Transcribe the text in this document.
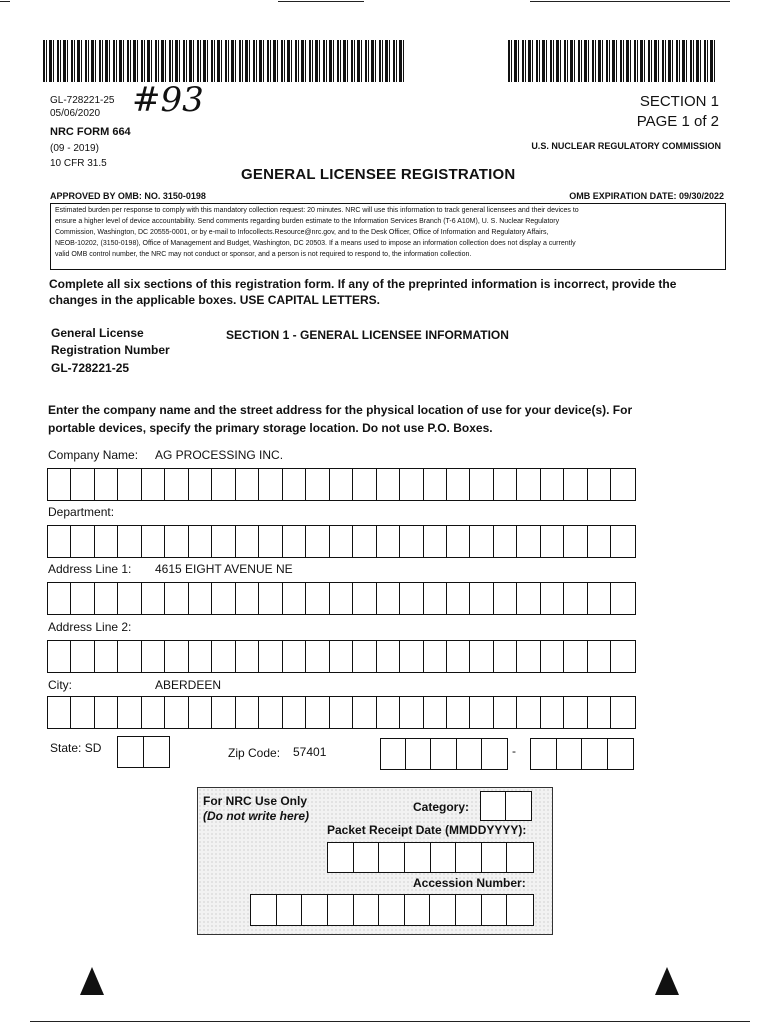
GL-728221-25
05/06/2020 #93
NRC FORM 664
(09 - 2019)
10 CFR 31.5
SECTION 1
PAGE 1 of 2
U.S. NUCLEAR REGULATORY COMMISSION
GENERAL LICENSEE REGISTRATION
APPROVED BY OMB: NO. 3150-0198	OMB EXPIRATION DATE: 09/30/2022
Estimated burden per response to comply with this mandatory collection request: 20 minutes. NRC will use this information to track general licensees and their devices to
ensure a higher level of device accountability. Send comments regarding burden estimate to the Information Services Branch (T-6 A10M), U. S. Nuclear Regulatory
Commission, Washington, DC 20555-0001, or by e-mail to Infocollects.Resource@nrc.gov, and to the Desk Officer, Office of Information and Regulatory Affairs,
NEOB-10202, (3150-0198), Office of Management and Budget, Washington, DC 20503. If a means used to impose an information collection does not display a currently
valid OMB control number, the NRC may not conduct or sponsor, and a person is not required to respond to, the information collection.
Complete all six sections of this registration form. If any of the preprinted information is incorrect, provide the
changes in the applicable boxes. USE CAPITAL LETTERS.
General License
Registration Number
GL-728221-25
SECTION 1 - GENERAL LICENSEE INFORMATION
Enter the company name and the street address for the physical location of use for your device(s). For
portable devices, specify the primary storage location. Do not use P.O. Boxes.
Company Name: AG PROCESSING INC.
Department:
Address Line 1: 4615 EIGHT AVENUE NE
Address Line 2:
City:	ABERDEEN
State: SD	Zip Code: 57401	-
For NRC Use Only
(Do not write here)
Category:
Packet Receipt Date (MMDDYYYY):
Accession Number:
